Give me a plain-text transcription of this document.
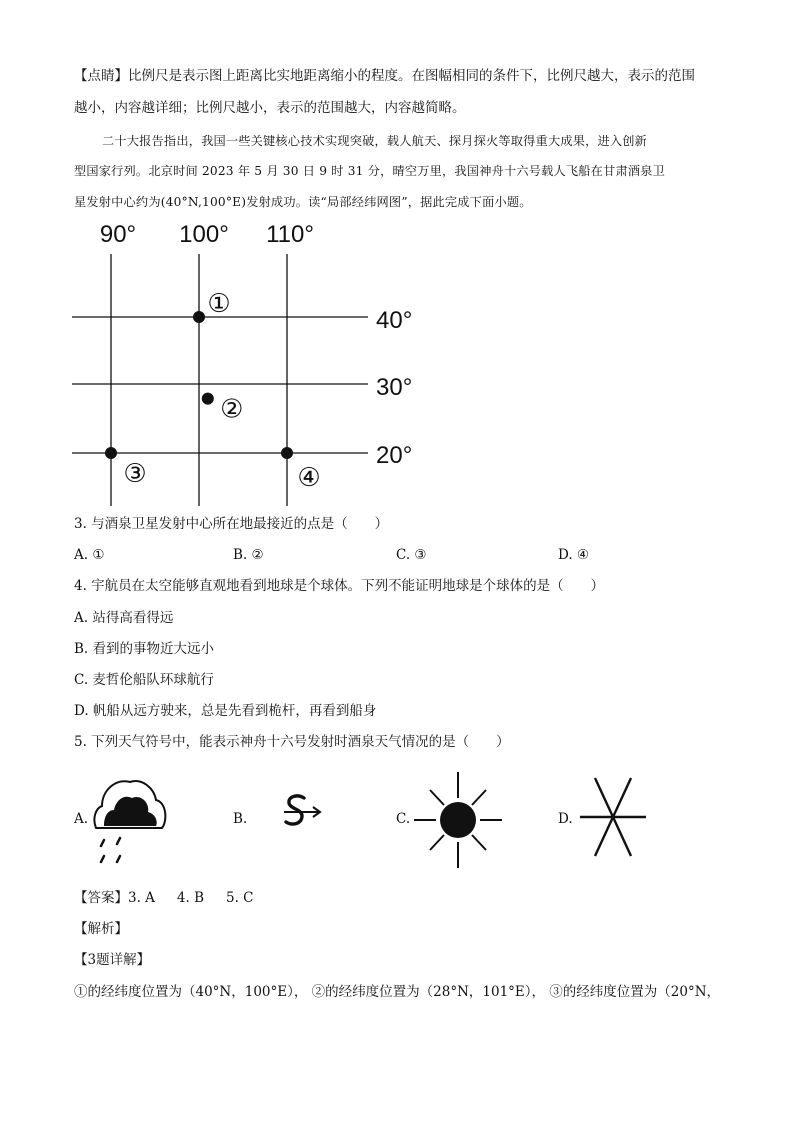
【点睛】比例尺是表示图上距离比实地距离缩小的程度。在图幅相同的条件下，比例尺越大，表示的范围
越小，内容越详细；比例尺越小，表示的范围越大，内容越简略。
二十大报告指出，我国一些关键核心技术实现突破，载人航天、探月探火等取得重大成果，进入创新
型国家行列。北京时间 2023 年 5 月 30 日 9 时 31 分，晴空万里，我国神舟十六号载人飞船在甘肃酒泉卫
星发射中心约为(40°N,100°E)发射成功。读“局部经纬网图”，据此完成下面小题。
90° 100° 110°
40°
30°
20°
①
②
③	④
3. 与酒泉卫星发射中心所在地最接近的点是（　　）
A. ①	B. ②	C. ③	D. ④
4. 宇航员在太空能够直观地看到地球是个球体。下列不能证明地球是个球体的是（　　）
A. 站得高看得远
B. 看到的事物近大远小
C. 麦哲伦船队环球航行
D. 帆船从远方驶来，总是先看到桅杆，再看到船身
5. 下列天气符号中，能表示神舟十六号发射时酒泉天气情况的是（　　）
A.	B.	C.	D.
【答案】3. A 4. B 5. C
【解析】
【3题详解】
①的经纬度位置为（40°N，100°E）， ②的经纬度位置为（28°N，101°E）， ③的经纬度位置为（20°N，
